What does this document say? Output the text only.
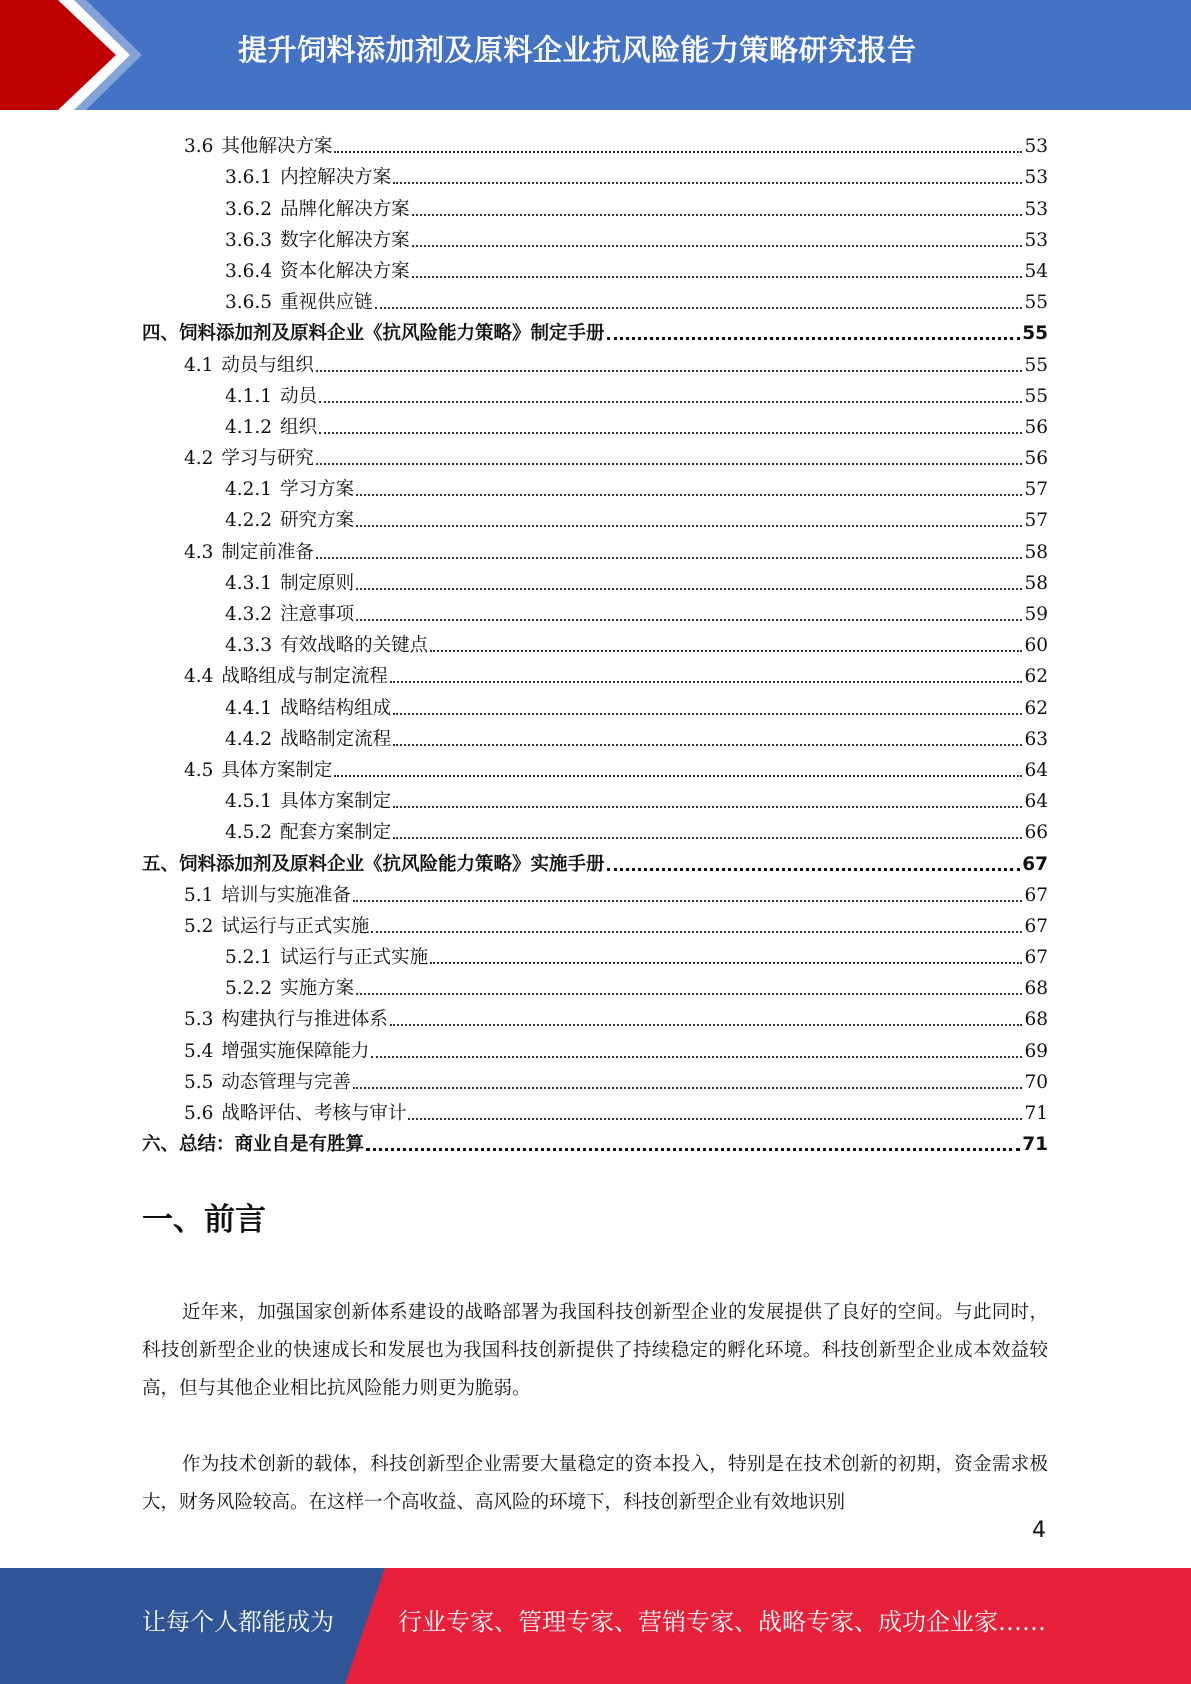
提升饲料添加剂及原料企业抗风险能力策略研究报告
3.6 其他解决方案	53
3.6.1 内控解决方案	53
3.6.2 品牌化解决方案	53
3.6.3 数字化解决方案	53
3.6.4 资本化解决方案	54
3.6.5 重视供应链	55
四、饲料添加剂及原料企业《抗风险能力策略》制定手册	55
4.1 动员与组织	55
4.1.1 动员	55
4.1.2 组织	56
4.2 学习与研究	56
4.2.1 学习方案	57
4.2.2 研究方案	57
4.3 制定前准备	58
4.3.1 制定原则	58
4.3.2 注意事项	59
4.3.3 有效战略的关键点	60
4.4 战略组成与制定流程	62
4.4.1 战略结构组成	62
4.4.2 战略制定流程	63
4.5 具体方案制定	64
4.5.1 具体方案制定	64
4.5.2 配套方案制定	66
五、饲料添加剂及原料企业《抗风险能力策略》实施手册	67
5.1 培训与实施准备	67
5.2 试运行与正式实施	67
5.2.1 试运行与正式实施	67
5.2.2 实施方案	68
5.3 构建执行与推进体系	68
5.4 增强实施保障能力	69
5.5 动态管理与完善	70
5.6 战略评估、考核与审计	71
六、总结：商业自是有胜算	71
一、前言

近年来，加强国家创新体系建设的战略部署为我国科技创新型企业的发展提供了良好的空间。与此同时，科技创新型企业的快速成长和发展也为我国科技创新提供了持续稳定的孵化环境。科技创新型企业成本效益较高，但与其他企业相比抗风险能力则更为脆弱。

作为技术创新的载体，科技创新型企业需要大量稳定的资本投入，特别是在技术创新的初期，资金需求极大，财务风险较高。在这样一个高收益、高风险的环境下，科技创新型企业有效地识别

4
让每个人都能成为	行业专家、管理专家、营销专家、战略专家、成功企业家……
